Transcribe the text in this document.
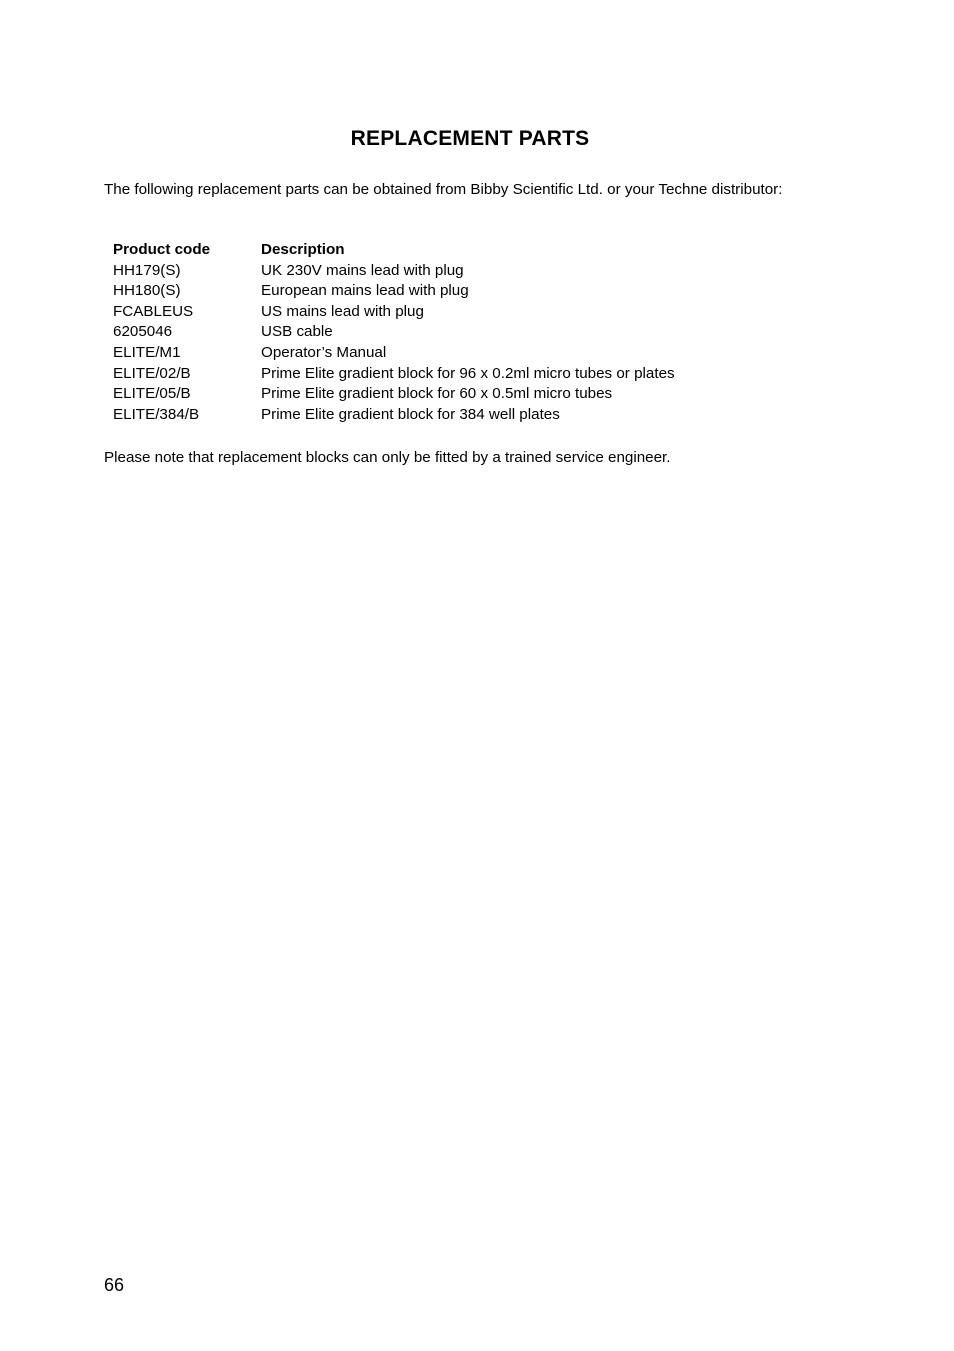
REPLACEMENT PARTS

The following replacement parts can be obtained from Bibby Scientific Ltd. or your Techne distributor:

Product code	Description
HH179(S)	UK 230V mains lead with plug
HH180(S)	European mains lead with plug
FCABLEUS	US mains lead with plug
6205046	USB cable
ELITE/M1	Operator’s Manual
ELITE/02/B	Prime Elite gradient block for 96 x 0.2ml micro tubes or plates
ELITE/05/B	Prime Elite gradient block for 60 x 0.5ml micro tubes
ELITE/384/B	Prime Elite gradient block for 384 well plates

Please note that replacement blocks can only be fitted by a trained service engineer.

66
